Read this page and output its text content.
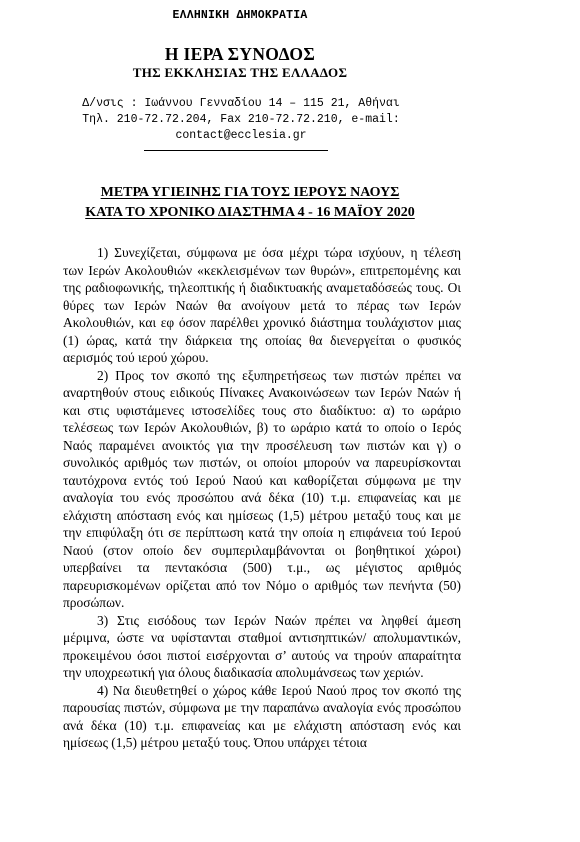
ΕΛΛΗΝΙΚΗ ΔΗΜΟΚΡΑΤΙΑ
Η ΙΕΡΑ ΣΥΝΟΔΟΣ
ΤΗΣ ΕΚΚΛΗΣΙΑΣ ΤΗΣ ΕΛΛΑΔΟΣ
Δ/νσις : Ιωάννου Γενναδίου 14 – 115 21, Αθήναι
Τηλ. 210-72.72.204, Fax 210-72.72.210, e-mail:
contact@ecclesia.gr
ΜΕΤΡΑ ΥΓΙΕΙΝΗΣ ΓΙΑ ΤΟΥΣ ΙΕΡΟΥΣ ΝΑΟΥΣ
ΚΑΤΑ ΤΟ ΧΡΟΝΙΚΟ ΔΙΑΣΤΗΜΑ 4 - 16 ΜΑΪΟΥ 2020

1) Συνεχίζεται, σύμφωνα με όσα μέχρι τώρα ισχύουν, η τέλεση των Ιερών Ακολουθιών «κεκλεισμένων των θυρών», επιτρεπομένης και της ραδιοφωνικής, τηλεοπτικής ή διαδικτυακής αναμεταδόσεώς τους. Οι θύρες των Ιερών Ναών θα ανοίγουν μετά το πέρας των Ιερών Ακολουθιών, και εφ όσον παρέλθει χρονικό διάστημα τουλάχιστον μιας (1) ώρας, κατά την διάρκεια της οποίας θα διενεργείται ο φυσικός αερισμός τού ιερού χώρου.

2) Προς τον σκοπό της εξυπηρετήσεως των πιστών πρέπει να αναρτηθούν στους ειδικούς Πίνακες Ανακοινώσεων των Ιερών Ναών ή και στις υφιστάμενες ιστοσελίδες τους στο διαδίκτυο: α) το ωράριο τελέσεως των Ιερών Ακολουθιών, β) το ωράριο κατά το οποίο ο Ιερός Ναός παραμένει ανοικτός για την προσέλευση των πιστών και γ) ο συνολικός αριθμός των πιστών, οι οποίοι μπορούν να παρευρίσκονται ταυτόχρονα εντός τού Ιερού Ναού και καθορίζεται σύμφωνα με την αναλογία του ενός προσώπου ανά δέκα (10) τ.μ. επιφανείας και με ελάχιστη απόσταση ενός και ημίσεως (1,5) μέτρου μεταξύ τους και με την επιφύλαξη ότι σε περίπτωση κατά την οποία η επιφάνεια τού Ιερού Ναού (στον οποίο δεν συμπεριλαμβάνονται οι βοηθητικοί χώροι) υπερβαίνει τα πεντακόσια (500) τ.μ., ως μέγιστος αριθμός παρευρισκομένων ορίζεται από τον Νόμο ο αριθμός των πενήντα (50) προσώπων.

3) Στις εισόδους των Ιερών Ναών πρέπει να ληφθεί άμεση μέριμνα, ώστε να υφίστανται σταθμοί αντισηπτικών/ απολυμαντικών, προκειμένου όσοι πιστοί εισέρχονται σ’ αυτούς να τηρούν απαραίτητα την υποχρεωτική για όλους διαδικασία απολυμάνσεως των χεριών.

4) Να διευθετηθεί ο χώρος κάθε Ιερού Ναού προς τον σκοπό της παρουσίας πιστών, σύμφωνα με την παραπάνω αναλογία ενός προσώπου ανά δέκα (10) τ.μ. επιφανείας και με ελάχιστη απόσταση ενός και ημίσεως (1,5) μέτρου μεταξύ τους. Όπου υπάρχει τέτοια
